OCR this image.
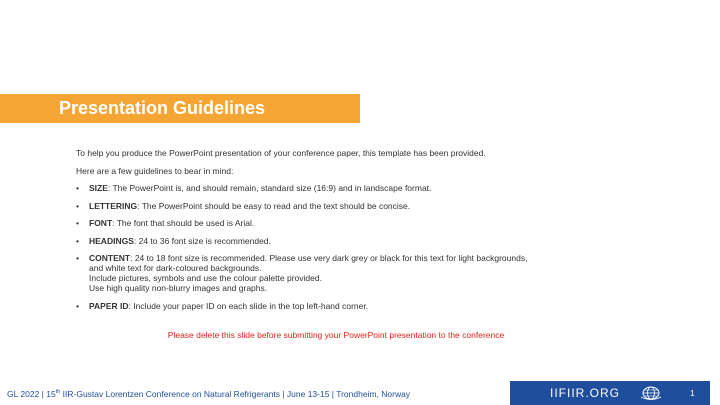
Presentation Guidelines

To help you produce the PowerPoint presentation of your conference paper, this template has been provided.

Here are a few guidelines to bear in mind:

• SIZE: The PowerPoint is, and should remain, standard size (16:9) and in landscape format.
• LETTERING: The PowerPoint should be easy to read and the text should be concise.
• FONT: The font that should be used is Arial.
• HEADINGS: 24 to 36 font size is recommended.
• CONTENT: 24 to 18 font size is recommended. Please use very dark grey or black for this text for light backgrounds,
and white text for dark-coloured backgrounds.
Include pictures, symbols and use the colour palette provided.
Use high quality non-blurry images and graphs.
• PAPER ID: Include your paper ID on each slide in the top left-hand corner.
Please delete this slide before submitting your PowerPoint presentation to the conference
GL 2022 | 15th IIR-Gustav Lorentzen Conference on Natural Refrigerants | June 13-15 | Trondheim, Norway	IIFIIR.ORG	1
